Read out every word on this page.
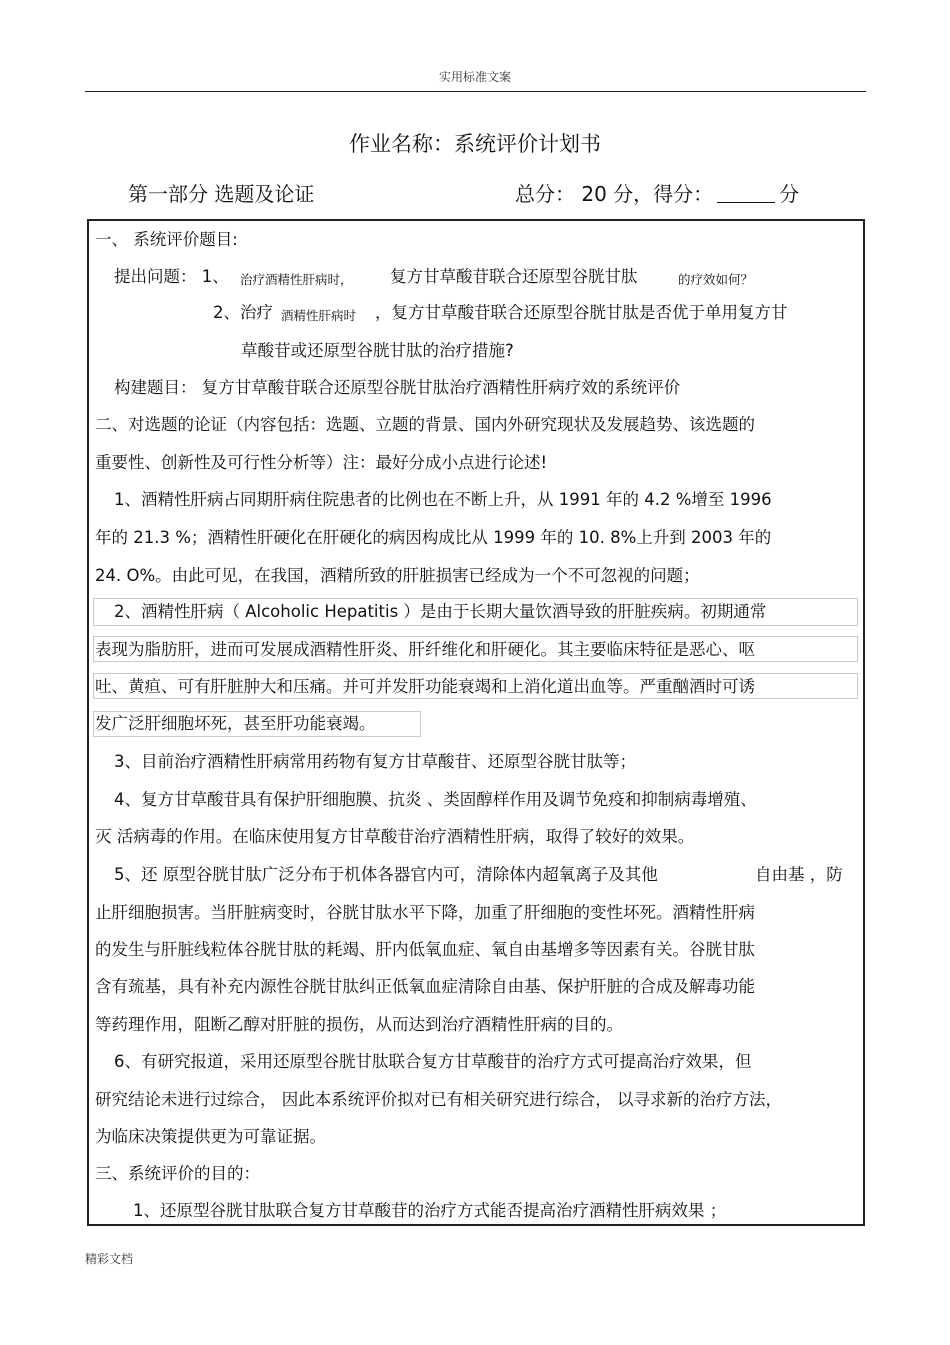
实用标准文案
作业名称：系统评价计划书
第一部分 选题及论证	总分： 20 分，得分：	分
一、 系统评价题目:
提出问题： 1、 治疗酒精性肝病时， 复方甘草酸苷联合还原型谷胱甘肽	的疗效如何？
2、治疗 酒精性肝病时 ，复方甘草酸苷联合还原型谷胱甘肽是否优于单用复方甘
草酸苷或还原型谷胱甘肽的治疗措施?
构建题目： 复方甘草酸苷联合还原型谷胱甘肽治疗酒精性肝病疗效的系统评价
二、对选题的论证（内容包括：选题、立题的背景、国内外研究现状及发展趋势、该选题的
重要性、创新性及可行性分析等）注：最好分成小点进行论述!
1、酒精性肝病占同期肝病住院患者的比例也在不断上升，从 1991 年的 4.2 %增至 1996
年的 21.3 %；酒精性肝硬化在肝硬化的病因构成比从 1999 年的 10. 8%上升到 2003 年的
24. O%。由此可见，在我国，酒精所致的肝脏损害已经成为一个不可忽视的问题；
2、酒精性肝病（ Alcoholic Hepatitis ）是由于长期大量饮酒导致的肝脏疾病。初期通常
表现为脂肪肝，进而可发展成酒精性肝炎、肝纤维化和肝硬化。其主要临床特征是恶心、呕
吐、黄疸、可有肝脏肿大和压痛。并可并发肝功能衰竭和上消化道出血等。严重酗酒时可诱
发广泛肝细胞坏死，甚至肝功能衰竭。
3、目前治疗酒精性肝病常用药物有复方甘草酸苷、还原型谷胱甘肽等；
4、复方甘草酸苷具有保护肝细胞膜、抗炎 、类固醇样作用及调节免疫和抑制病毒增殖、
灭 活病毒的作用。在临床使用复方甘草酸苷治疗酒精性肝病，取得了较好的效果。
5、还 原型谷胱甘肽广泛分布于机体各器官内可，清除体内超氧离子及其他	自由基 ，防
止肝细胞损害。当肝脏病变时，谷胱甘肽水平下降，加重了肝细胞的变性坏死。酒精性肝病
的发生与肝脏线粒体谷胱甘肽的耗竭、肝内低氧血症、氧自由基增多等因素有关。谷胱甘肽
含有巯基，具有补充内源性谷胱甘肽纠正低氧血症清除自由基、保护肝脏的合成及解毒功能
等药理作用，阻断乙醇对肝脏的损伤，从而达到治疗酒精性肝病的目的。
6、有研究报道，采用还原型谷胱甘肽联合复方甘草酸苷的治疗方式可提高治疗效果，但
研究结论未进行过综合， 因此本系统评价拟对已有相关研究进行综合， 以寻求新的治疗方法，
为临床决策提供更为可靠证据。
三、系统评价的目的：
1、还原型谷胱甘肽联合复方甘草酸苷的治疗方式能否提高治疗酒精性肝病效果 ；
精彩文档
